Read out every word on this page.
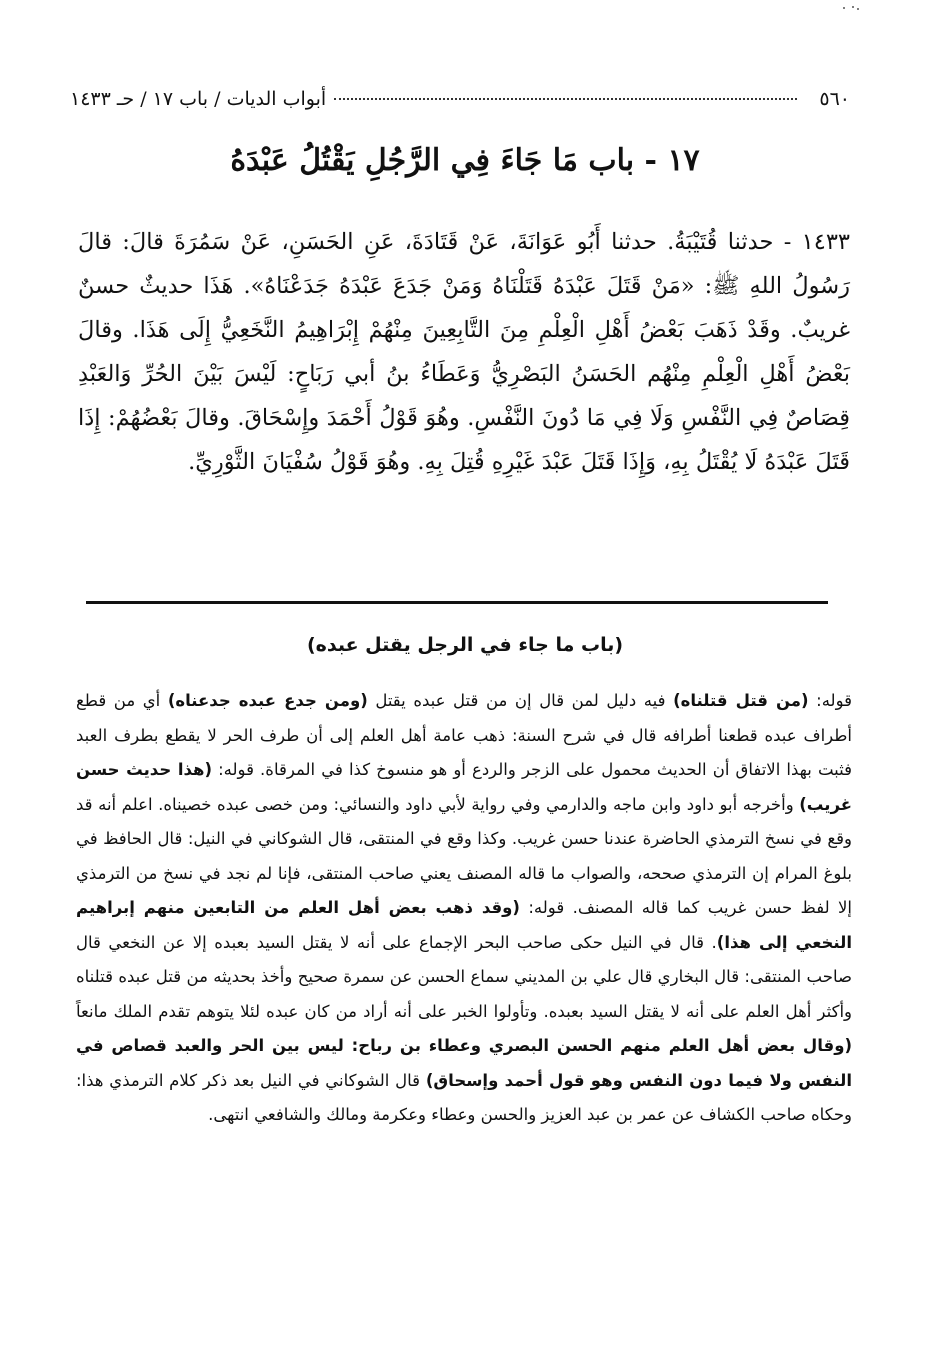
٥٦٠
أبواب الديات / باب ١٧ / حـ ١٤٣٣
١٧ - باب مَا جَاءَ فِي الرَّجُلِ يَقْتُلُ عَبْدَهُ

١٤٣٣ - حدثنا قُتَيْبَةُ. حدثنا أَبُو عَوَانَةَ، عَنْ قَتَادَةَ، عَنِ الحَسَنِ، عَنْ سَمُرَةَ قالَ: قالَ رَسُولُ اللهِ ﷺ: «مَنْ قَتَلَ عَبْدَهُ قَتَلْنَاهُ وَمَنْ جَدَعَ عَبْدَهُ جَدَعْنَاهُ». هَذَا حديثٌ حسنٌ غريبٌ. وقَدْ ذَهَبَ بَعْضُ أَهْلِ الْعِلْمِ مِنَ التَّابِعِينَ مِنْهُمْ إِبْرَاهِيمُ النَّخَعِيُّ إِلَى هَذَا. وقالَ بَعْضُ أَهْلِ الْعِلْمِ مِنْهُم الحَسَنُ البَصْرِيُّ وَعَطَاءُ بنُ أبي رَبَاحٍ: لَيْسَ بَيْنَ الحُرِّ وَالعَبْدِ قِصَاصٌ فِي النَّفْسِ وَلَا فِي مَا دُونَ النَّفْسِ. وهُوَ قَوْلُ أَحْمَدَ وإِسْحَاقَ. وقالَ بَعْضُهُمْ: إِذَا قَتَلَ عَبْدَهُ لَا يُقْتَلُ بِهِ، وَإِذَا قَتَلَ عَبْدَ غَيْرِهِ قُتِلَ بِهِ. وهُوَ قَوْلُ سُفْيَانَ الثَّوْرِيِّ.

(باب ما جاء في الرجل يقتل عبده)

قوله: (من قتل قتلناه) فيه دليل لمن قال إن من قتل عبده يقتل (ومن جدع عبده جدعناه) أي من قطع أطراف عبده قطعنا أطرافه قال في شرح السنة: ذهب عامة أهل العلم إلى أن طرف الحر لا يقطع بطرف العبد فثبت بهذا الاتفاق أن الحديث محمول على الزجر والردع أو هو منسوخ كذا في المرقاة. قوله: (هذا حديث حسن غريب) وأخرجه أبو داود وابن ماجه والدارمي وفي رواية لأبي داود والنسائي: ومن خصى عبده خصيناه. اعلم أنه قد وقع في نسخ الترمذي الحاضرة عندنا حسن غريب. وكذا وقع في المنتقى، قال الشوكاني في النيل: قال الحافظ في بلوغ المرام إن الترمذي صححه، والصواب ما قاله المصنف يعني صاحب المنتقى، فإنا لم نجد في نسخ من الترمذي إلا لفظ حسن غريب كما قاله المصنف. قوله: (وقد ذهب بعض أهل العلم من التابعين منهم إبراهيم النخعي إلى هذا). قال في النيل حكى صاحب البحر الإجماع على أنه لا يقتل السيد بعبده إلا عن النخعي قال صاحب المنتقى: قال البخاري قال علي بن المديني سماع الحسن عن سمرة صحيح وأخذ بحديثه من قتل عبده قتلناه وأكثر أهل العلم على أنه لا يقتل السيد بعبده. وتأولوا الخبر على أنه أراد من كان عبده لئلا يتوهم تقدم الملك مانعاً (وقال بعض أهل العلم منهم الحسن البصري وعطاء بن رباح: ليس بين الحر والعبد قصاص في النفس ولا فيما دون النفس وهو قول أحمد وإسحاق) قال الشوكاني في النيل بعد ذكر كلام الترمذي هذا: وحكاه صاحب الكشاف عن عمر بن عبد العزيز والحسن وعطاء وعكرمة ومالك والشافعي انتهى.
